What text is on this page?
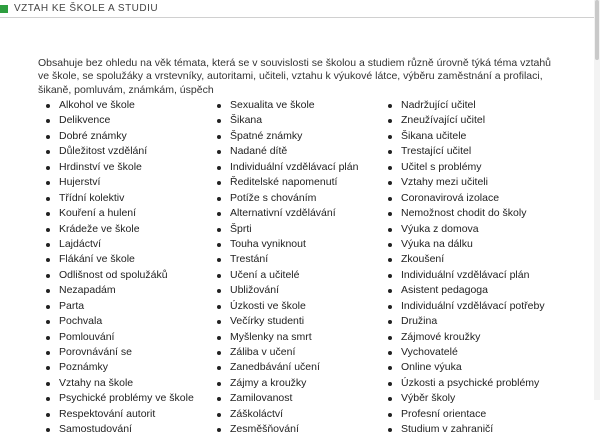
VZTAH KE ŠKOLE A STUDIU

Obsahuje bez ohledu na věk témata, která se v souvislosti se školou a studiem různě úrovně týká téma vztahů ve škole, se spolužáky a vrstevníky, autoritami, učiteli, vztahu k výukové látce, výběru zaměstnání a profilaci, šikaně, pomluvám, známkám, úspěch

Alkohol ve škole
Delikvence
Dobré známky
Důležitost vzdělání
Hrdinství ve škole
Hujerství
Třídní kolektiv
Kouření a hulení
Krádeže ve škole
Lajdáctví
Flákání ve škole
Odlišnost od spolužáků
Nezapadám
Parta
Pochvala
Pomlouvání
Porovnávání se
Poznámky
Vztahy na škole
Psychické problémy ve škole
Respektování autorit
Samostudování
Sexualita ve škole
Šikana
Špatné známky
Nadané dítě
Individuální vzdělávací plán
Ředitelské napomenutí
Potíže s chováním
Alternativní vzdělávání
Šprti
Touha vyniknout
Trestání
Učení a učitelé
Ubližování
Úzkosti ve škole
Večírky studenti
Myšlenky na smrt
Záliba v učení
Zanedbávání učení
Zájmy a kroužky
Zamilovanost
Záškoláctví
Zesměšňování
Nadržující učitel
Zneužívající učitel
Šikana učitele
Trestající učitel
Učitel s problémy
Vztahy mezi učiteli
Coronavirová izolace
Nemožnost chodit do školy
Výuka z domova
Výuka na dálku
Zkoušení
Individuální vzdělávací plán
Asistent pedagoga
Individuální vzdělávací potřeby
Družina
Zájmové kroužky
Vychovatelé
Online výuka
Úzkosti a psychické problémy
Výběr školy
Profesní orientace
Studium v zahraničí
